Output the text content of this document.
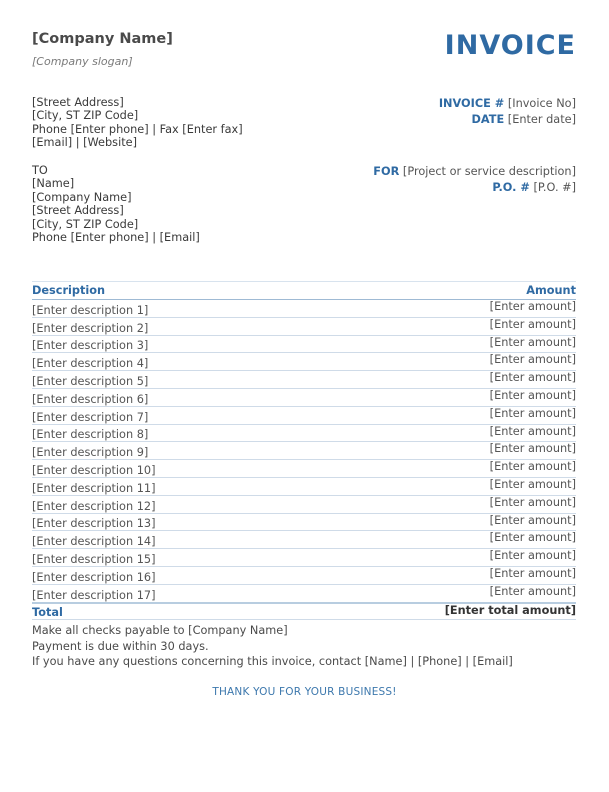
[Company Name]
[Company slogan]
INVOICE
[Street Address]
[City, ST ZIP Code]
Phone [Enter phone] | Fax [Enter fax]
[Email] | [Website]
INVOICE # [Invoice No]
DATE [Enter date]
TO
[Name]
[Company Name]
[Street Address]
[City, ST ZIP Code]
Phone [Enter phone] | [Email]
FOR [Project or service description]
P.O. # [P.O. #]
Description	Amount
[Enter description 1]	[Enter amount]
[Enter description 2]	[Enter amount]
[Enter description 3]	[Enter amount]
[Enter description 4]	[Enter amount]
[Enter description 5]	[Enter amount]
[Enter description 6]	[Enter amount]
[Enter description 7]	[Enter amount]
[Enter description 8]	[Enter amount]
[Enter description 9]	[Enter amount]
[Enter description 10]	[Enter amount]
[Enter description 11]	[Enter amount]
[Enter description 12]	[Enter amount]
[Enter description 13]	[Enter amount]
[Enter description 14]	[Enter amount]
[Enter description 15]	[Enter amount]
[Enter description 16]	[Enter amount]
[Enter description 17]	[Enter amount]
Total	[Enter total amount]
Make all checks payable to [Company Name]
Payment is due within 30 days.
If you have any questions concerning this invoice, contact [Name] | [Phone] | [Email]
THANK YOU FOR YOUR BUSINESS!
